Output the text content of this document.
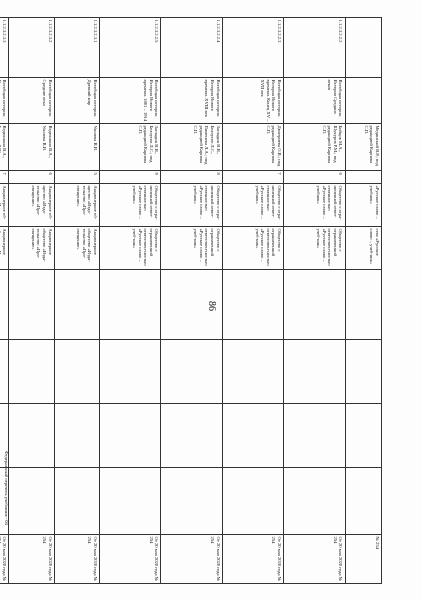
86
Федеральный перечень учебников - 04
		Мединский В.Р.; под редакцией Карпова С.П.		«Русское слово – учебник»	ство «Русское слово – учеб-ник»					№ 254
1.1.2.3.2.2.2	Всеобщая история. История Средних веков	Бойцов М.А., Шукуров Р.М.; под редакцией Карпова С.П.	6	Общество с огра-ниченной ответ-ственностью «Русское слово – учебник»	Общество с ограниченной ответствен-ностью «Русское слово – учеб-ник»					От 20 мая 2020 года № 254
1.1.2.3.2.2.3	Всеобщая история. История Нового времени. Конец XV – XVII век	Дмитриева О.В.; под редакцией Карпова С.П.	7	Общество с огра-ниченной ответ-ственностью «Русское слово – учебник»	Общество с ограниченной ответствен-ностью «Русское слово – учеб-ник»					От 20 мая 2020 года № 254
1.1.2.3.2.2.4	Всеобщая история. История Нового времени. XVIII век	Загладин Н.В., Белоусов Л.С., Пименова Л.А.; под редакцией Карпова С.П.	8	Общество с огра-ниченной ответ-ственностью «Русское слово – учебник»	Общество с ограниченной ответствен-ностью «Русское слово – учеб-ник»					От 20 мая 2020 года № 254
1.1.2.3.2.2.5	Всеобщая история. История Нового времени. 1801 – 1914	Загладин Н.В., Белоусов Л.С.; под редакцией Карпова С.П.	9	Общество с огра-ниченной ответ-ственностью «Русское слово – учебник»	Общество с ограниченной ответствен-ностью «Русское слово – учеб-ник»					От 20 мая 2020 года № 254
1.1.2.3.2.3.1	Всеобщая история. Древний мир	Уколова В.И.	5	Акционерное об-щество «Изда-тельство «Про-свещение»	Акционерное общество «Изда-тельство «Про-свещение»					От 20 мая 2020 года № 254
1.1.2.3.2.3.2	Всеобщая история. Средние века	Ведюшкин В.А., Уколова В.И.	6	Акционерное об-щество «Изда-тельство «Про-свещение»	Акционерное общество «Изда-тельство «Про-свещение»					От 20 мая 2020 года № 254
1.1.2.3.2.3.3	Всеобщая история.	Ведюшкин В.А.,	7	Акционерное об-	Акционерное					От 20 мая 2020 года №
